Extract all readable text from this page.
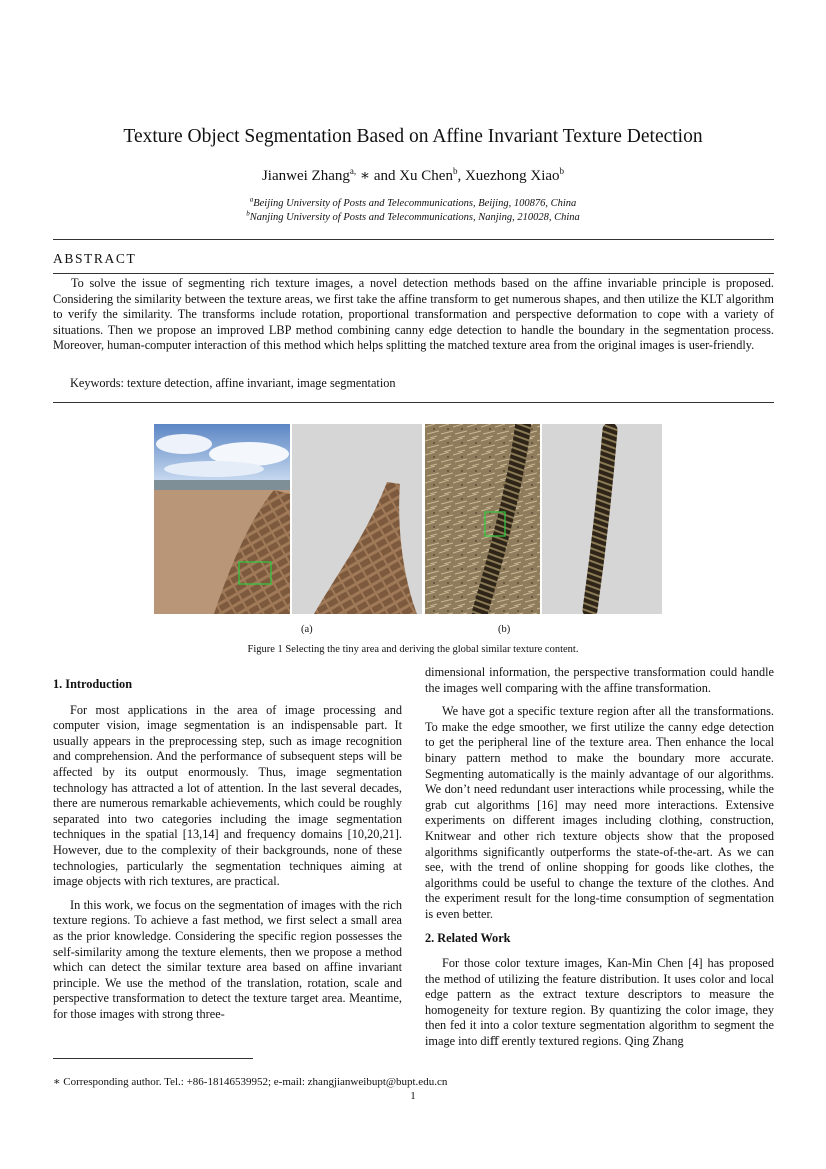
Texture Object Segmentation Based on Affine Invariant Texture Detection
Jianwei Zhang$^{a,}$ ∗ and Xu Chen$^b$, Xuezhong Xiao$^b$
$^a$Beijing University of Posts and Telecommunications, Beijing, 100876, China
$^b$Nanjing University of Posts and Telecommunications, Nanjing, 210028, China
ABSTRACT

To solve the issue of segmenting rich texture images, a novel detection methods based on the affine invariable principle is proposed. Considering the similarity between the texture areas, we first take the affine transform to get numerous shapes, and then utilize the KLT algorithm to verify the similarity. The transforms include rotation, proportional transformation and perspective deformation to cope with a variety of situations. Then we propose an improved LBP method combining canny edge detection to handle the boundary in the segmentation process. Moreover, human-computer interaction of this method which helps splitting the matched texture area from the original images is user-friendly.

Keywords: texture detection, affine invariant, image segmentation
(a)	(b)
Figure 1 Selecting the tiny area and deriving the global similar texture content.
1. Introduction

For most applications in the area of image processing and computer vision, image segmentation is an indispensable part. It usually appears in the preprocessing step, such as image recognition and comprehension. And the performance of subsequent steps will be affected by its output enormously. Thus, image segmentation technology has attracted a lot of attention. In the last several decades, there are numerous remarkable achievements, which could be roughly separated into two categories including the image segmentation techniques in the spatial [13,14] and frequency domains [10,20,21]. However, due to the complexity of their backgrounds, none of these technologies, particularly the segmentation techniques aiming at image objects with rich textures, are practical.

In this work, we focus on the segmentation of images with the rich texture regions. To achieve a fast method, we first select a small area as the prior knowledge. Considering the specific region possesses the self-similarity among the texture elements, then we propose a method which can detect the similar texture area based on affine invariant principle. We use the method of the translation, rotation, scale and perspective transformation to detect the texture target area. Meantime, for those images with strong three-

dimensional information, the perspective transformation could handle the images well comparing with the affine transformation.

We have got a specific texture region after all the transformations. To make the edge smoother, we first utilize the canny edge detection to get the peripheral line of the texture area. Then enhance the local binary pattern method to make the boundary more accurate. Segmenting automatically is the mainly advantage of our algorithms. We don’t need redundant user interactions while processing, while the grab cut algorithms [16] may need more interactions. Extensive experiments on different images including clothing, construction, Knitwear and other rich texture objects show that the proposed algorithms significantly outperforms the state-of-the-art. As we can see, with the trend of online shopping for goods like clothes, the algorithms could be useful to change the texture of the clothes. And the experiment result for the long-time consumption of segmentation is even better.

2. Related Work

For those color texture images, Kan-Min Chen [4] has proposed the method of utilizing the feature distribution. It uses color and local edge pattern as the extract texture descriptors to measure the homogeneity for texture region. By quantizing the color image, they then fed it into a color texture segmentation algorithm to segment the image into diﬀ erently textured regions. Qing Zhang

∗ Corresponding author. Tel.: +86-18146539952; e-mail: zhangjianweibupt@bupt.edu.cn
1
